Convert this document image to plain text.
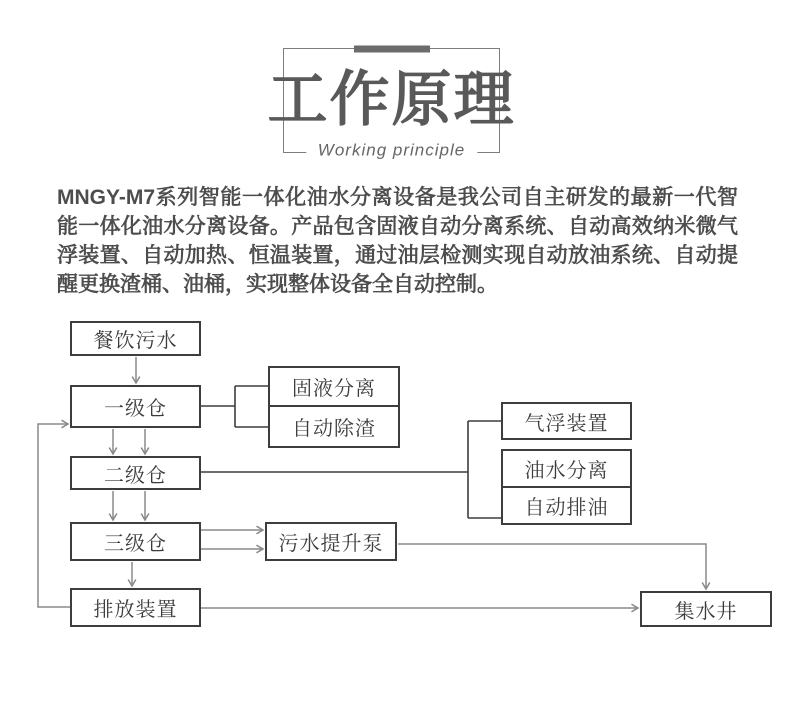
工作原理
Working principle

MNGY-M7系列智能一体化油水分离设备是我公司自主研发的最新一代智能一体化油水分离设备。产品包含固液自动分离系统、自动高效纳米微气浮装置、自动加热、恒温装置，通过油层检测实现自动放油系统、自动提醒更换渣桶、油桶，实现整体设备全自动控制。

餐饮污水
一级仓
固液分离
自动除渣
二级仓
气浮装置
油水分离
自动排油
三级仓	污水提升泵
排放装置	集水井
